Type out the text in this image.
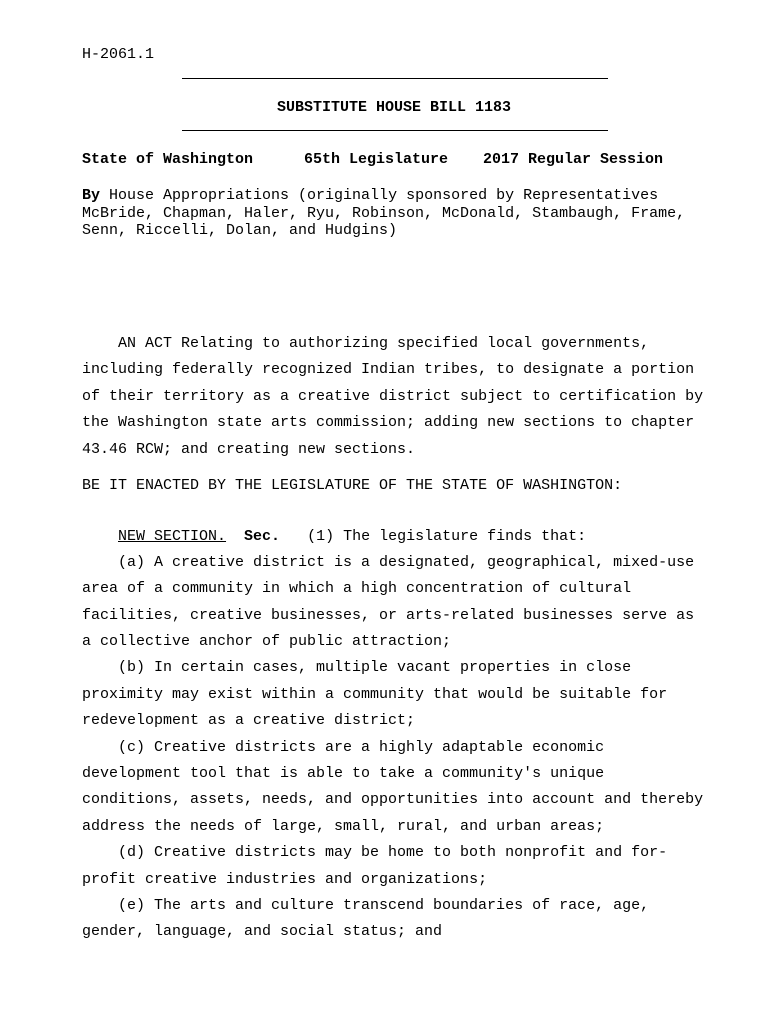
H-2061.1
SUBSTITUTE HOUSE BILL 1183
State of Washington	65th Legislature 2017 Regular Session
By House Appropriations (originally sponsored by Representatives
McBride, Chapman, Haler, Ryu, Robinson, McDonald, Stambaugh, Frame,
Senn, Riccelli, Dolan, and Hudgins)
AN ACT Relating to authorizing specified local governments,
including federally recognized Indian tribes, to designate a portion
of their territory as a creative district subject to certification by
the Washington state arts commission; adding new sections to chapter
43.46 RCW; and creating new sections.
BE IT ENACTED BY THE LEGISLATURE OF THE STATE OF WASHINGTON:
NEW SECTION. Sec. (1) The legislature finds that:
(a) A creative district is a designated, geographical, mixed-use
area of a community in which a high concentration of cultural
facilities, creative businesses, or arts-related businesses serve as
a collective anchor of public attraction;
(b) In certain cases, multiple vacant properties in close
proximity may exist within a community that would be suitable for
redevelopment as a creative district;
(c) Creative districts are a highly adaptable economic
development tool that is able to take a community's unique
conditions, assets, needs, and opportunities into account and thereby
address the needs of large, small, rural, and urban areas;
(d) Creative districts may be home to both nonprofit and for-
profit creative industries and organizations;
(e) The arts and culture transcend boundaries of race, age,
gender, language, and social status; and
